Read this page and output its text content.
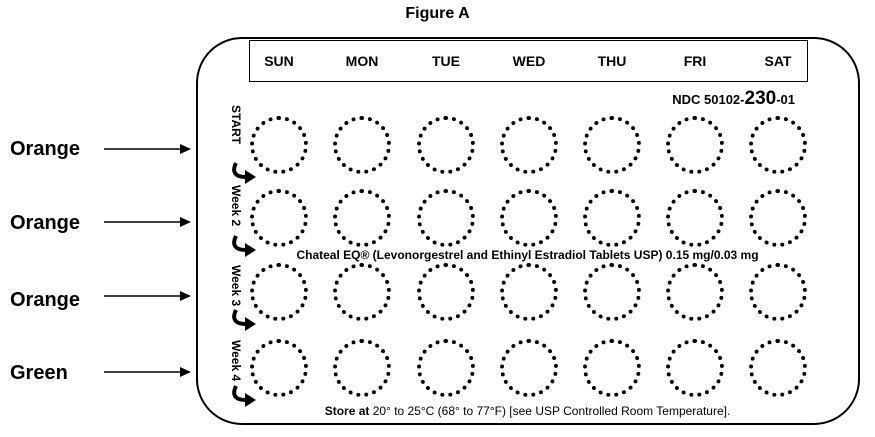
Figure A
SUN	MON	TUE	WED	THU	FRI	SAT
NDC 50102-230-01
Orange
START
Orange	Week 2
Orange	Week 3
Green	Week 4
Chateal EQ® (Levonorgestrel and Ethinyl Estradiol Tablets USP) 0.15 mg/0.03 mg
Store at 20° to 25°C (68° to 77°F) [see USP Controlled Room Temperature].
